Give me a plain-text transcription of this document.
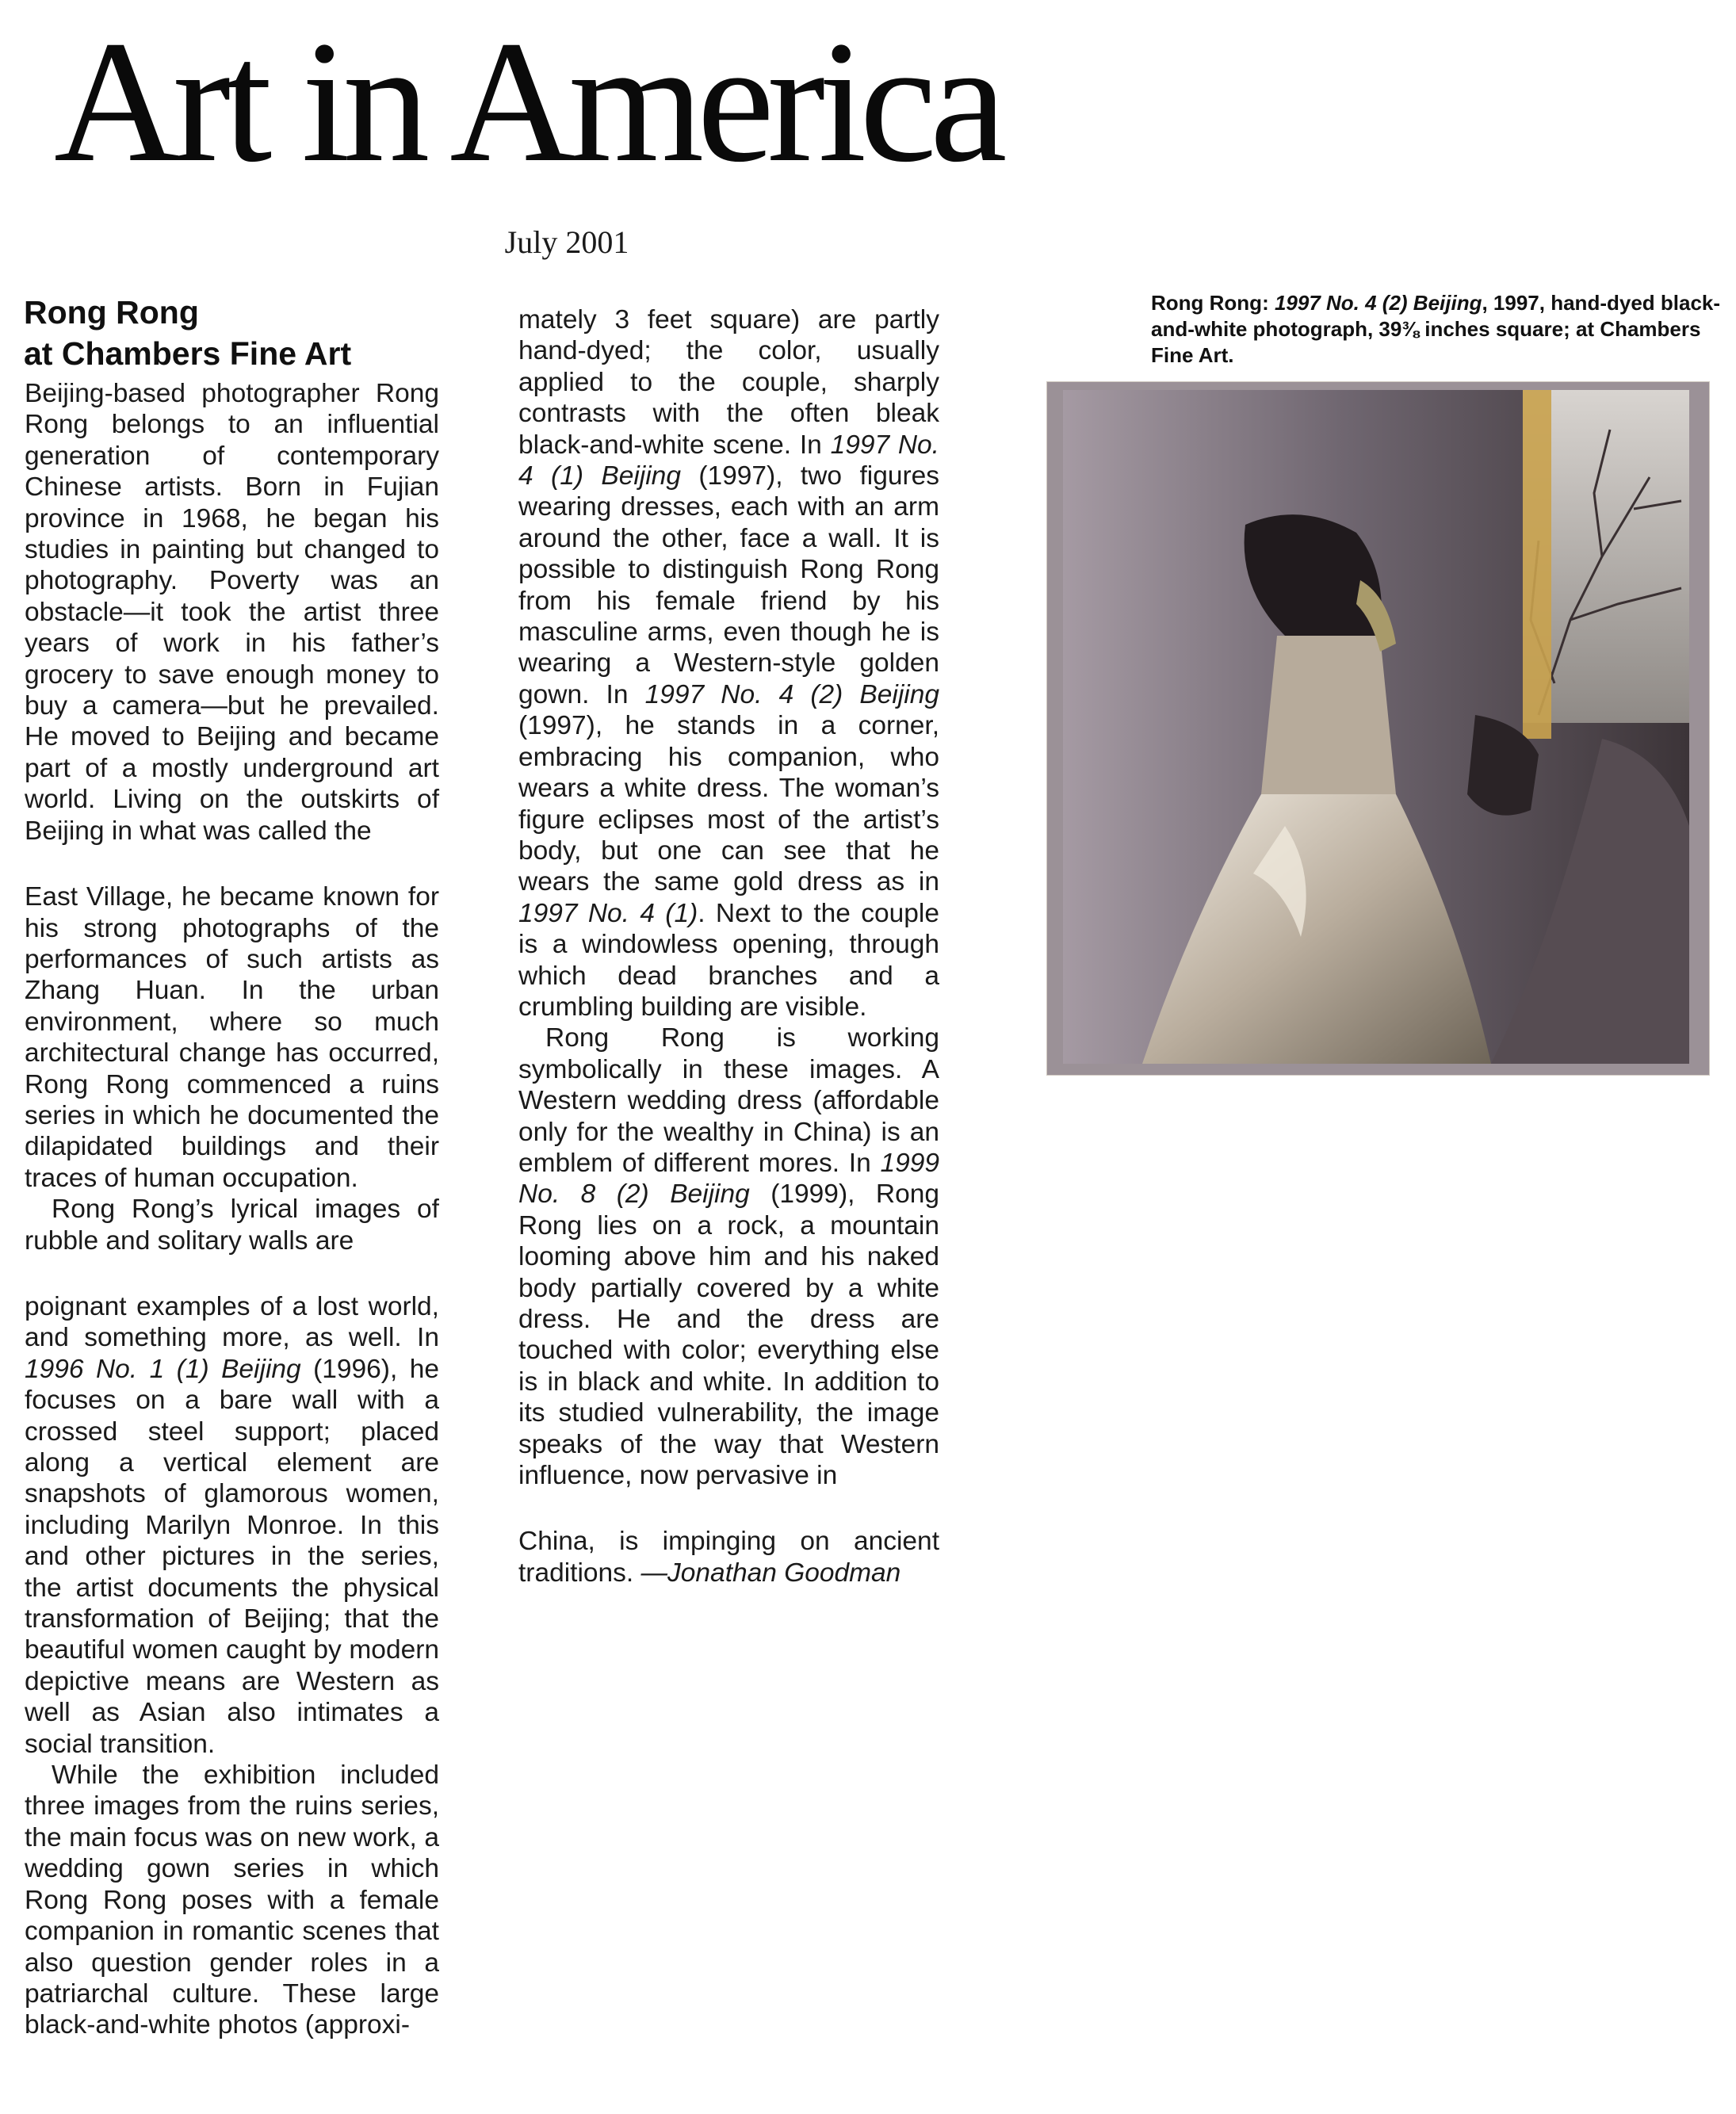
Art in America
July 2001
Rong Rong
at Chambers Fine Art

Beijing-based photographer Rong Rong belongs to an influential generation of contemporary Chinese artists. Born in Fujian province in 1968, he began his studies in painting but changed to photography. Poverty was an obstacle—it took the artist three years of work in his father’s grocery to save enough money to buy a camera—but he prevailed. He moved to Beijing and became part of a mostly underground art world. Living on the outskirts of Beijing in what was called the

East Village, he became known for his strong photographs of the performances of such artists as Zhang Huan. In the urban environment, where so much architectural change has occurred, Rong Rong commenced a ruins series in which he documented the dilapidated buildings and their traces of human occupation.

Rong Rong’s lyrical images of rubble and solitary walls are

poignant examples of a lost world, and something more, as well. In 1996 No. 1 (1) Beijing (1996), he focuses on a bare wall with a crossed steel support; placed along a vertical element are snapshots of glamorous women, including Marilyn Monroe. In this and other pictures in the series, the artist documents the physical transformation of Beijing; that the beautiful women caught by modern depictive means are Western as well as Asian also intimates a social transition.

While the exhibition included three images from the ruins series, the main focus was on new work, a wedding gown series in which Rong Rong poses with a female companion in romantic scenes that also question gender roles in a patriarchal culture. These large black-and-white photos (approxi-

mately 3 feet square) are partly hand-dyed; the color, usually applied to the couple, sharply contrasts with the often bleak black-and-white scene. In 1997 No. 4 (1) Beijing (1997), two figures wearing dresses, each with an arm around the other, face a wall. It is possible to distinguish Rong Rong from his female friend by his masculine arms, even though he is wearing a Western-style golden gown. In 1997 No. 4 (2) Beijing (1997), he stands in a corner, embracing his companion, who wears a white dress. The woman’s figure eclipses most of the artist’s body, but one can see that he wears the same gold dress as in 1997 No. 4 (1). Next to the couple is a windowless opening, through which dead branches and a crumbling building are visible.

Rong Rong is working symbolically in these images. A Western wedding dress (affordable only for the wealthy in China) is an emblem of different mores. In 1999 No. 8 (2) Beijing (1999), Rong Rong lies on a rock, a mountain looming above him and his naked body partially covered by a white dress. He and the dress are touched with color; everything else is in black and white. In addition to its studied vulnerability, the image speaks of the way that Western influence, now pervasive in

China, is impinging on ancient traditions. —Jonathan Goodman

Rong Rong: 1997 No. 4 (2) Beijing, 1997, hand-dyed black-and-white photograph, 39⅜ inches square; at Chambers Fine Art.
